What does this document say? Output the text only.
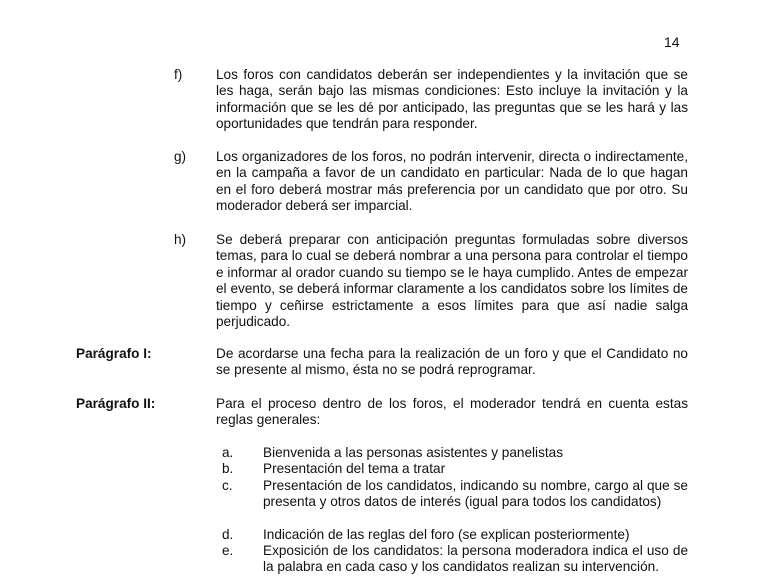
14
f) Los foros con candidatos deberán ser independientes y la invitación que se les haga, serán bajo las mismas condiciones: Esto incluye la invitación y la información que se les dé por anticipado, las preguntas que se les hará y las oportunidades que tendrán para responder.
g) Los organizadores de los foros, no podrán intervenir, directa o indirectamente, en la campaña a favor de un candidato en particular: Nada de lo que hagan en el foro deberá mostrar más preferencia por un candidato que por otro. Su moderador deberá ser imparcial.
h) Se deberá preparar con anticipación preguntas formuladas sobre diversos temas, para lo cual se deberá nombrar a una persona para controlar el tiempo e informar al orador cuando su tiempo se le haya cumplido. Antes de empezar el evento, se deberá informar claramente a los candidatos sobre los límites de tiempo y ceñirse estrictamente a esos límites para que así nadie salga perjudicado.
Parágrafo I:	De acordarse una fecha para la realización de un foro y que el Candidato no se presente al mismo, ésta no se podrá reprogramar.
Parágrafo II:	Para el proceso dentro de los foros, el moderador tendrá en cuenta estas reglas generales:
a. Bienvenida a las personas asistentes y panelistas
b. Presentación del tema a tratar
c. Presentación de los candidatos, indicando su nombre, cargo al que se presenta y otros datos de interés (igual para todos los candidatos)
d. Indicación de las reglas del foro (se explican posteriormente)
e. Exposición de los candidatos: la persona moderadora indica el uso de la palabra en cada caso y los candidatos realizan su intervención.
